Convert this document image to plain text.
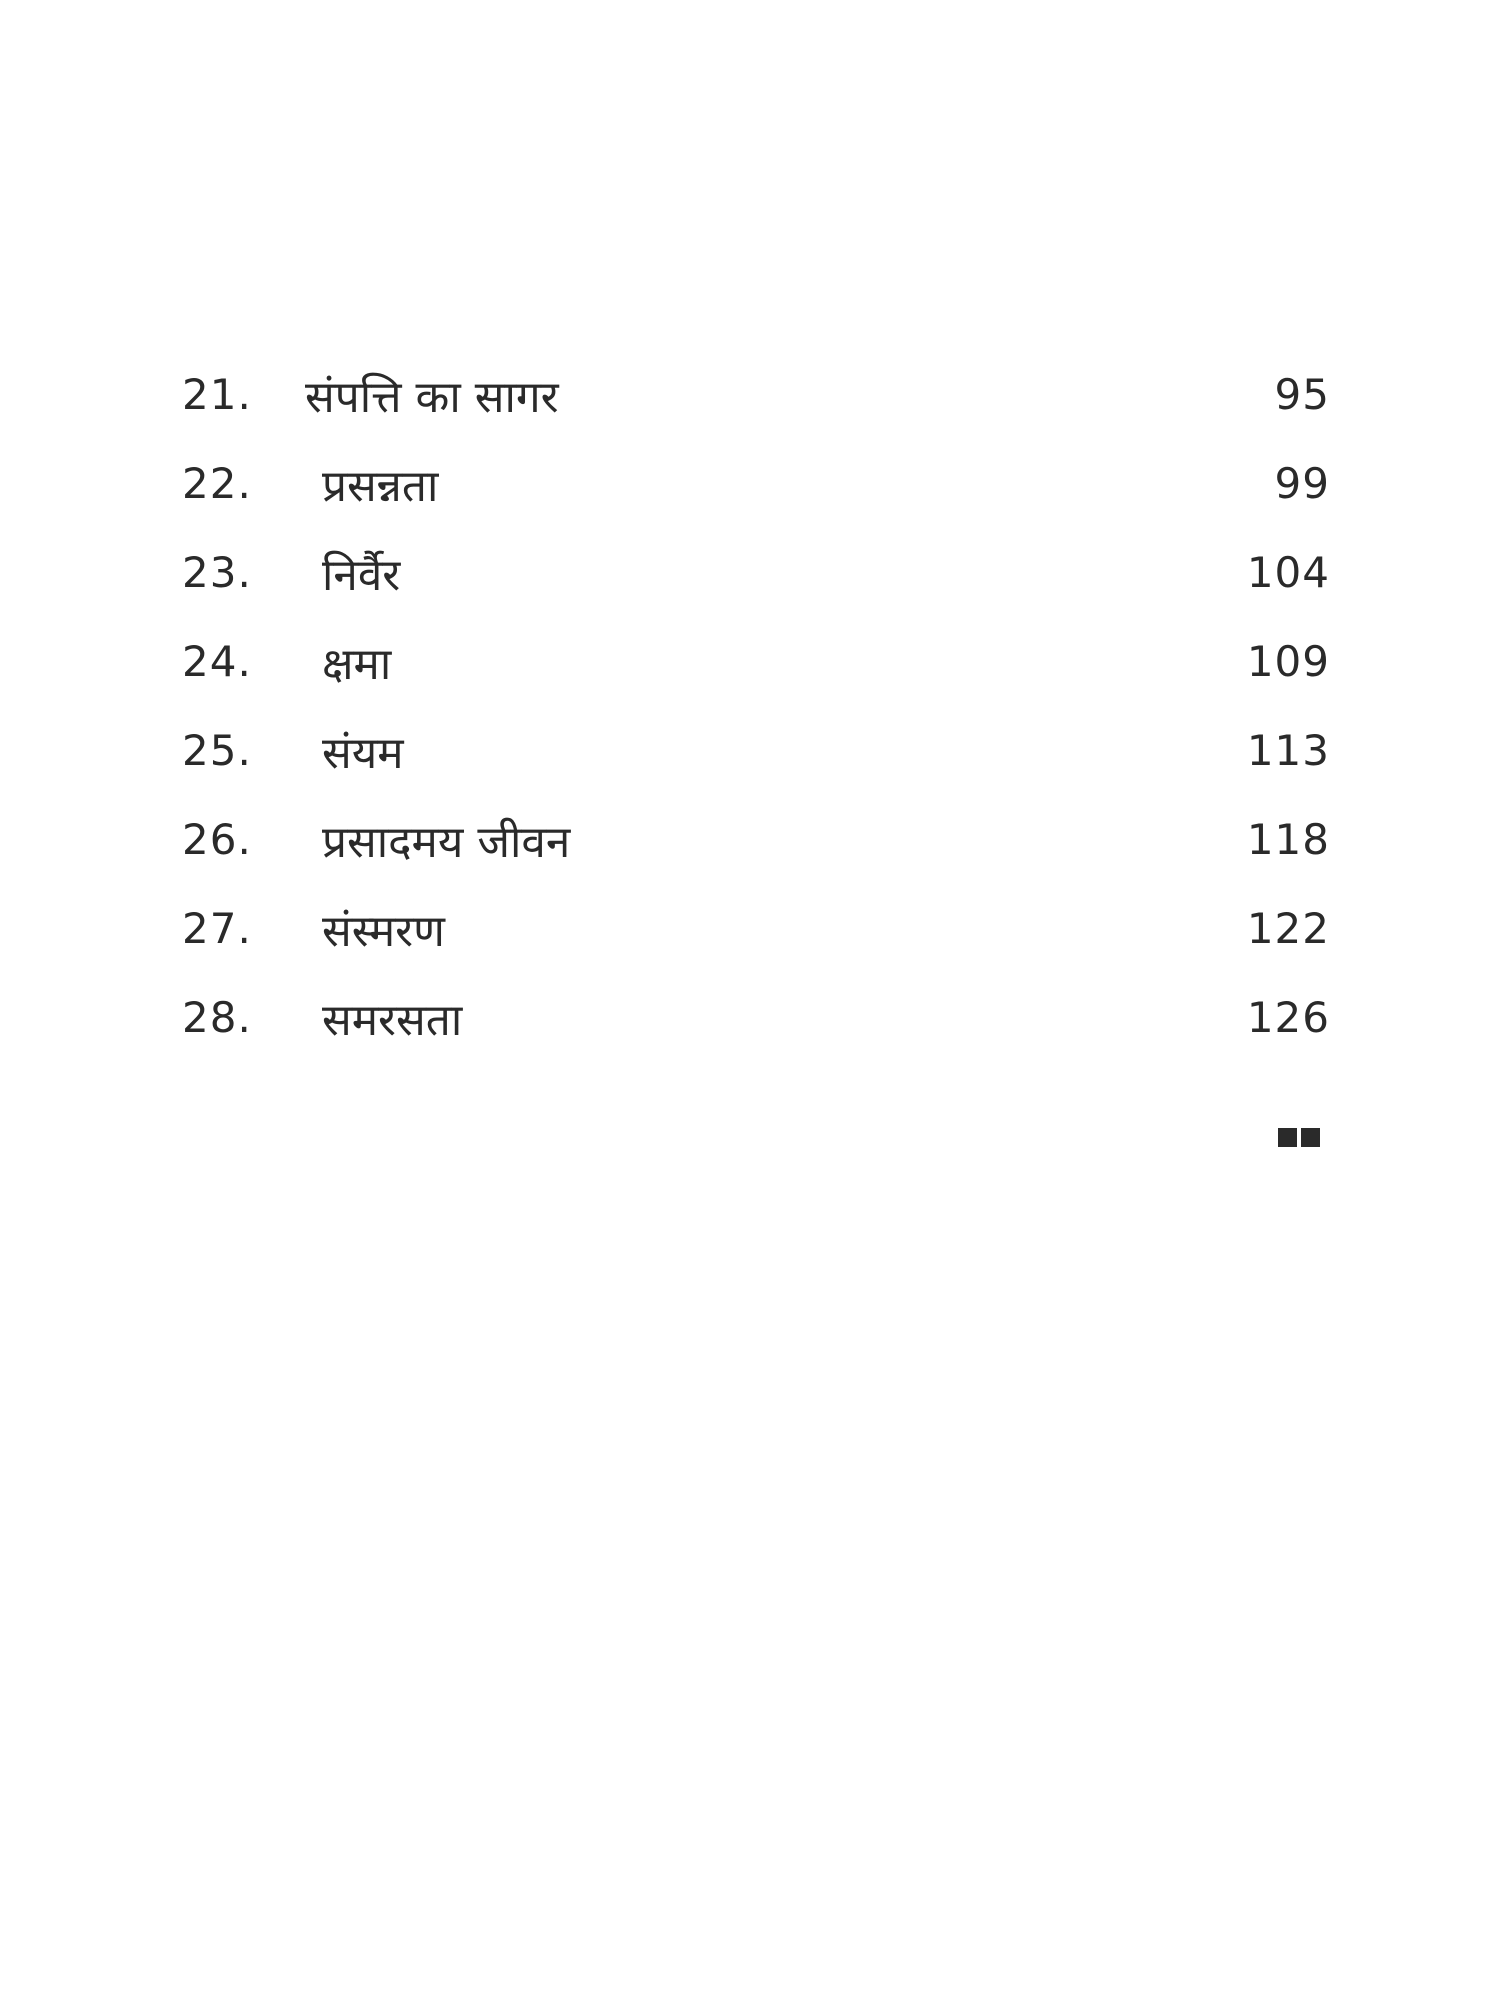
21. संपत्ति का सागर	95
22. प्रसन्नता	99
23. निर्वैर	104
24. क्षमा	109
25. संयम	113
26. प्रसादमय जीवन	118
27. संस्मरण	122
28. समरसता	126
